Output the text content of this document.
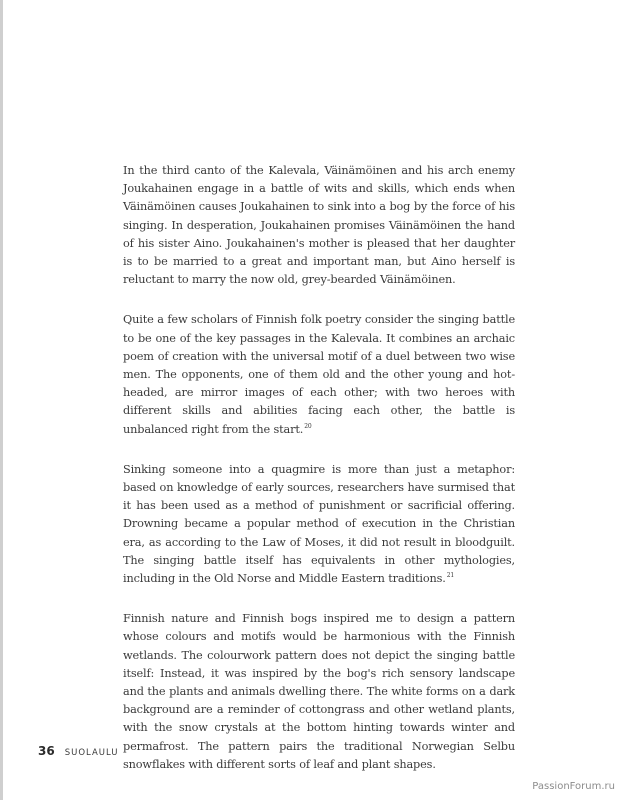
In the third canto of the Kalevala, Väinämöinen and his arch enemy Joukahainen engage in a battle of wits and skills, which ends when Väinämöinen causes Joukahainen to sink into a bog by the force of his singing. In desperation, Joukahainen promises Väinämöinen the hand of his sister Aino. Joukahainen's mother is pleased that her daughter is to be married to a great and important man, but Aino herself is reluctant to marry the now old, grey-bearded Väinämöinen.

Quite a few scholars of Finnish folk poetry consider the singing battle to be one of the key passages in the Kalevala. It combines an archaic poem of creation with the universal motif of a duel between two wise men. The opponents, one of them old and the other young and hot-headed, are mirror images of each other; with two heroes with different skills and abilities facing each other, the battle is unbalanced right from the start.$^{20}$

Sinking someone into a quagmire is more than just a metaphor: based on knowledge of early sources, researchers have surmised that it has been used as a method of punishment or sacrificial offering. Drowning became a popular method of execution in the Christian era, as according to the Law of Moses, it did not result in bloodguilt. The singing battle itself has equivalents in other mythologies, including in the Old Norse and Middle Eastern traditions.$^{21}$

Finnish nature and Finnish bogs inspired me to design a pattern whose colours and motifs would be harmonious with the Finnish wetlands. The colourwork pattern does not depict the singing battle itself: Instead, it was inspired by the bog's rich sensory landscape and the plants and animals dwelling there. The white forms on a dark background are a reminder of cottongrass and other wetland plants, with the snow crystals at the bottom hinting towards winter and permafrost. The pattern pairs the traditional Norwegian Selbu snowflakes with different sorts of leaf and plant shapes.

36 SUOLAULU
PassionForum.ru
